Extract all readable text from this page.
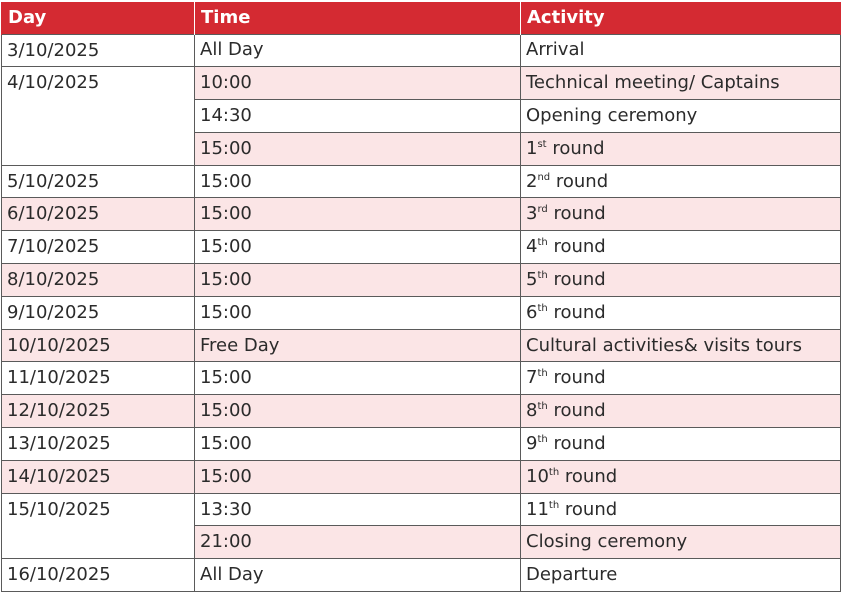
Day	Time	Activity
3/10/2025	All Day	Arrival
4/10/2025	10:00	Technical meeting/ Captains
	14:30	Opening ceremony
	15:00	1st round
5/10/2025	15:00	2nd round
6/10/2025	15:00	3rd round
7/10/2025	15:00	4th round
8/10/2025	15:00	5th round
9/10/2025	15:00	6th round
10/10/2025	Free Day	Cultural activities& visits tours
11/10/2025	15:00	7th round
12/10/2025	15:00	8th round
13/10/2025	15:00	9th round
14/10/2025	15:00	10th round
15/10/2025	13:30	11th round
	21:00	Closing ceremony
16/10/2025	All Day	Departure
